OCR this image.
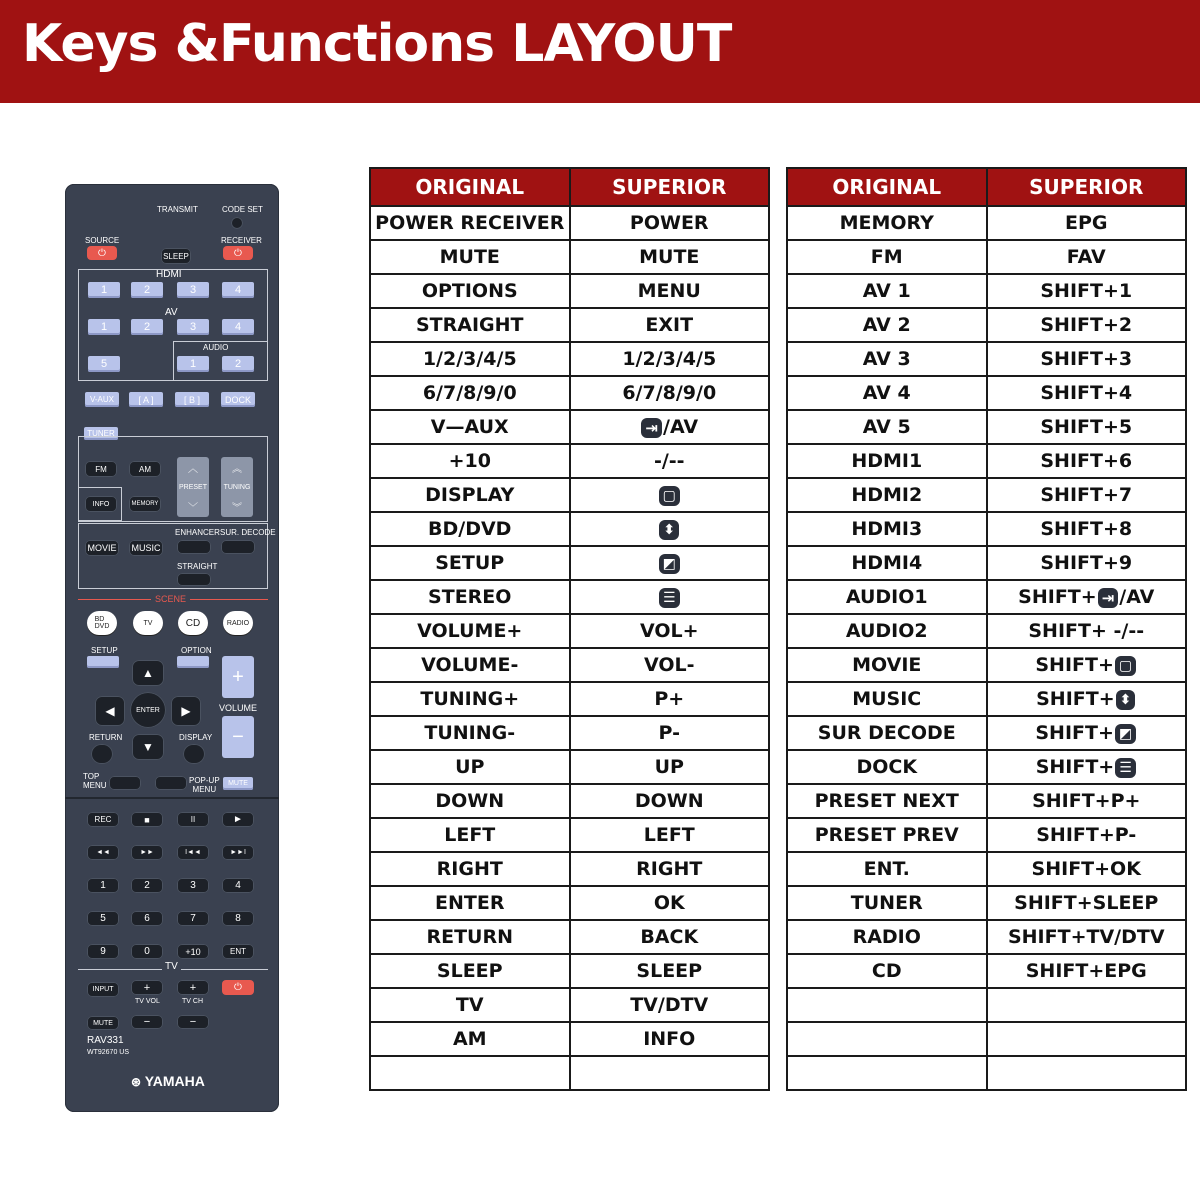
Keys &Functions LAYOUT
TRANSMIT	CODE SET
SOURCE	RECEIVER
⏻	SLEEP	⏻
HDMI
1	2	3	4
AV
1	2	3	4
5
AUDIO
1	2
V-AUX	[ A ]	[ B ]	DOCK
TUNER
FM	AM	︿
PRESET
﹀
︽
TUNING
︾
INFO	MEMORY
ENHANCER SUR. DECODE
MOVIE MUSIC
STRAIGHT
SCENE
BD
DVD	TV	CD	RADIO
SETUP	OPTION
▲
◀	ENTER	▶
▼
+
VOLUME
−
RETURN	DISPLAY
TOP
MENU
POP-UP
MENU
MUTE
REC	■	II	►
◄◄	►►	I◄◄	►►I
1	2	3	4
5	6	7	8
9	0	+10	ENT
TV
INPUT	+	+	⏻
TV VOL	TV CH
MUTE	−	−
RAV331
WT92670 US
⊛ YAMAHA
ORIGINAL	SUPERIOR
POWER RECEIVER	POWER
MUTE	MUTE
OPTIONS	MENU
STRAIGHT	EXIT
1/2/3/4/5	1/2/3/4/5
6/7/8/9/0	6/7/8/9/0
V—AUX	⇥ /AV
+10	-/--
DISPLAY	▢
BD/DVD	⬍
SETUP	◩
STEREO	☰
VOLUME+	VOL+
VOLUME-	VOL-
TUNING+	P+
TUNING-	P-
UP	UP
DOWN	DOWN
LEFT	LEFT
RIGHT	RIGHT
ENTER	OK
RETURN	BACK
SLEEP	SLEEP
TV	TV/DTV
AM	INFO

ORIGINAL	SUPERIOR
MEMORY	EPG
FM	FAV
AV 1	SHIFT+1
AV 2	SHIFT+2
AV 3	SHIFT+3
AV 4	SHIFT+4
AV 5	SHIFT+5
HDMI1	SHIFT+6
HDMI2	SHIFT+7
HDMI3	SHIFT+8
HDMI4	SHIFT+9
AUDIO1	SHIFT+ ⇥ /AV
AUDIO2	SHIFT+ -/--
MOVIE	SHIFT+ ▢
MUSIC	SHIFT+ ⬍
SUR DECODE	SHIFT+ ◩
DOCK	SHIFT+ ☰
PRESET NEXT	SHIFT+P+
PRESET PREV	SHIFT+P-
ENT.	SHIFT+OK
TUNER	SHIFT+SLEEP
RADIO	SHIFT+TV/DTV
CD	SHIFT+EPG
